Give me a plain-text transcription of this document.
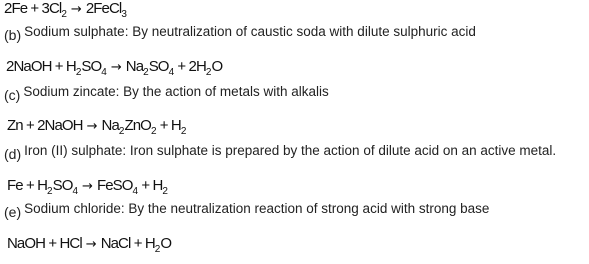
$2Fe + 3Cl_2$ → 2FeCl$_3$
(b) Sodium sulphate: By neutralization of caustic soda with dilute sulphuric acid
2NaOH + $H_2SO_4 \to Na_2SO_4 + 2H_2O$
(c) Sodium zincate: By the action of metals with alkalis
Zn + 2NaOH → $Na_2ZnO_2 + H_2$
(d) Iron (II) sulphate: Iron sulphate is prepared by the action of dilute acid on an active metal.
$Fe + H_2SO_4$ → FeSO$_4$ + $H_2$
(e) Sodium chloride: By the neutralization reaction of strong acid with strong base
NaOH + HCl → NaCl + $H_2O$
